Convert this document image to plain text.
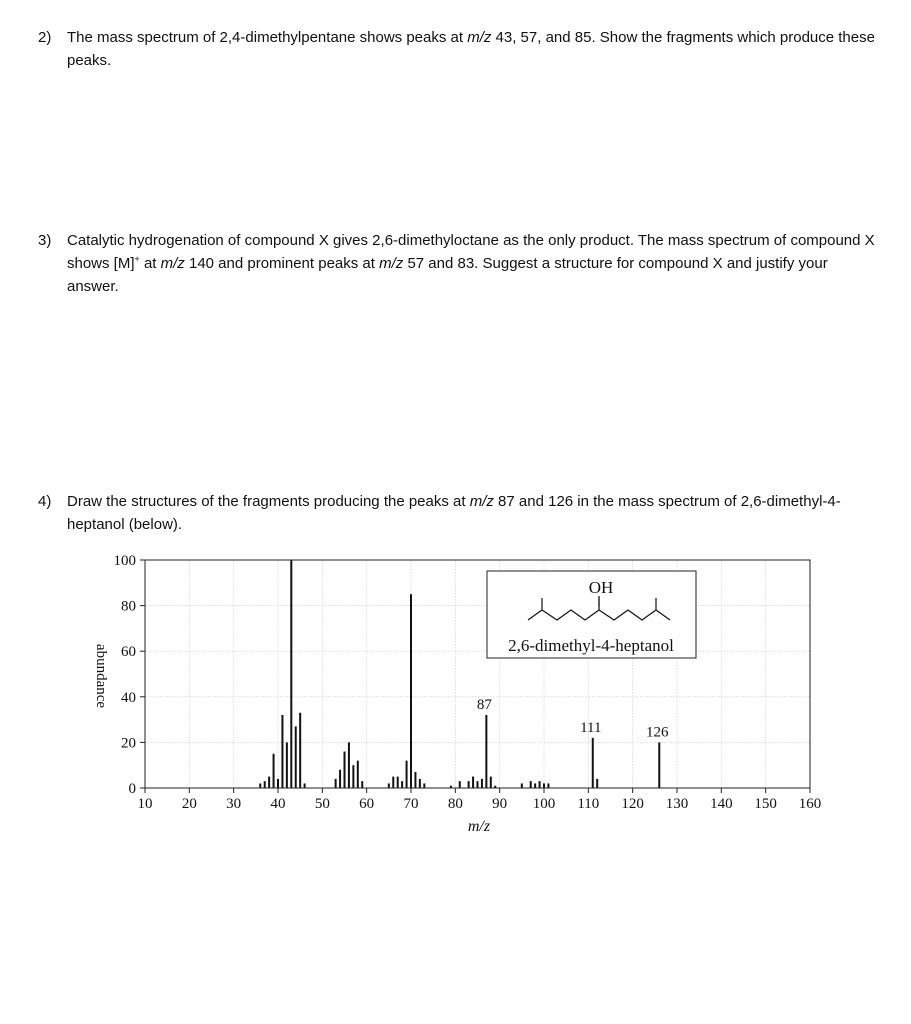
2) The mass spectrum of 2,4-dimethylpentane shows peaks at m/z 43, 57, and 85. Show the fragments which produce these peaks.
3) Catalytic hydrogenation of compound X gives 2,6-dimethyloctane as the only product. The mass spectrum of compound X shows [M]+ at m/z 140 and prominent peaks at m/z 57 and 83. Suggest a structure for compound X and justify your answer.
4) Draw the structures of the fragments producing the peaks at m/z 87 and 126 in the mass spectrum of 2,6-dimethyl-4-heptanol (below).
0
20
40
60
80
100
10 20 30 40 50 60 70 80 90 100 110 120 130 140 150 160
87
111	126
OH
2,6-dimethyl-4-heptanol
abundance
m/z
